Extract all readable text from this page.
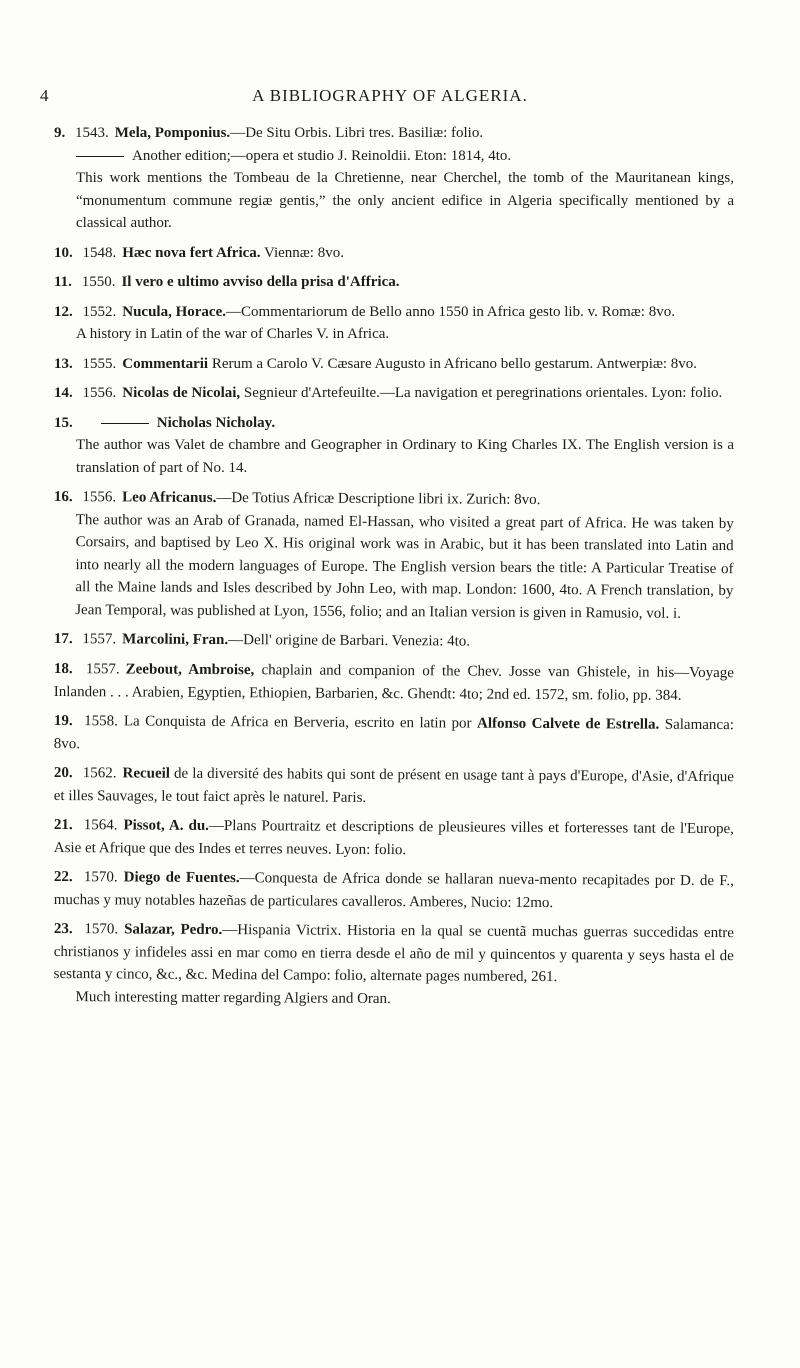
4	A BIBLIOGRAPHY OF ALGERIA.

9. 1543. Mela, Pomponius.—De Situ Orbis. Libri tres. Basiliæ: folio.

Another edition;—opera et studio J. Reinoldii. Eton: 1814, 4to.

This work mentions the Tombeau de la Chretienne, near Cherchel, the tomb of the Mauritanean kings, “monumentum commune regiæ gentis,” the only ancient edifice in Algeria specifically mentioned by a classical author.

10. 1548. Hæc nova fert Africa. Viennæ: 8vo.

11. 1550. Il vero e ultimo avviso della prisa d'Affrica.

12. 1552. Nucula, Horace.—Commentariorum de Bello anno 1550 in Africa gesto lib. v. Romæ: 8vo.

A history in Latin of the war of Charles V. in Africa.

13. 1555. Commentarii Rerum a Carolo V. Cæsare Augusto in Africano bello gestarum. Antwerpiæ: 8vo.

14. 1556. Nicolas de Nicolai, Segnieur d'Artefeuilte.—La navigation et peregrinations orientales. Lyon: folio.

15.	Nicholas Nicholay.

The author was Valet de chambre and Geographer in Ordinary to King Charles IX. The English version is a translation of part of No. 14.

16. 1556. Leo Africanus.—De Totius Africæ Descriptione libri ix. Zurich: 8vo.

The author was an Arab of Granada, named El-Hassan, who visited a great part of Africa. He was taken by Corsairs, and baptised by Leo X. His original work was in Arabic, but it has been translated into Latin and into nearly all the modern languages of Europe. The English version bears the title: A Particular Treatise of all the Maine lands and Isles described by John Leo, with map. London: 1600, 4to. A French translation, by Jean Temporal, was published at Lyon, 1556, folio; and an Italian version is given in Ramusio, vol. i.

17. 1557. Marcolini, Fran.—Dell' origine de Barbari. Venezia: 4to.

18. 1557. Zeebout, Ambroise, chaplain and companion of the Chev. Josse van Ghistele, in his—Voyage Inlanden . . . Arabien, Egyptien, Ethiopien, Barbarien, &c. Ghendt: 4to; 2nd ed. 1572, sm. folio, pp. 384.

19. 1558. La Conquista de Africa en Berveria, escrito en latin por Alfonso Calvete de Estrella. Salamanca: 8vo.

20. 1562. Recueil de la diversité des habits qui sont de présent en usage tant à pays d'Europe, d'Asie, d'Afrique et illes Sauvages, le tout faict après le naturel. Paris.

21. 1564. Pissot, A. du.—Plans Pourtraitz et descriptions de pleusieures villes et forteresses tant de l'Europe, Asie et Afrique que des Indes et terres neuves. Lyon: folio.

22. 1570. Diego de Fuentes.—Conquesta de Africa donde se hallaran nueva-mento recapitades por D. de F., muchas y muy notables hazeñas de particulares cavalleros. Amberes, Nucio: 12mo.

23. 1570. Salazar, Pedro.—Hispania Victrix. Historia en la qual se cuentã muchas guerras succedidas entre christianos y infideles assi en mar como en tierra desde el año de mil y quincentos y quarenta y seys hasta el de sestanta y cinco, &c., &c. Medina del Campo: folio, alternate pages numbered, 261.

Much interesting matter regarding Algiers and Oran.
